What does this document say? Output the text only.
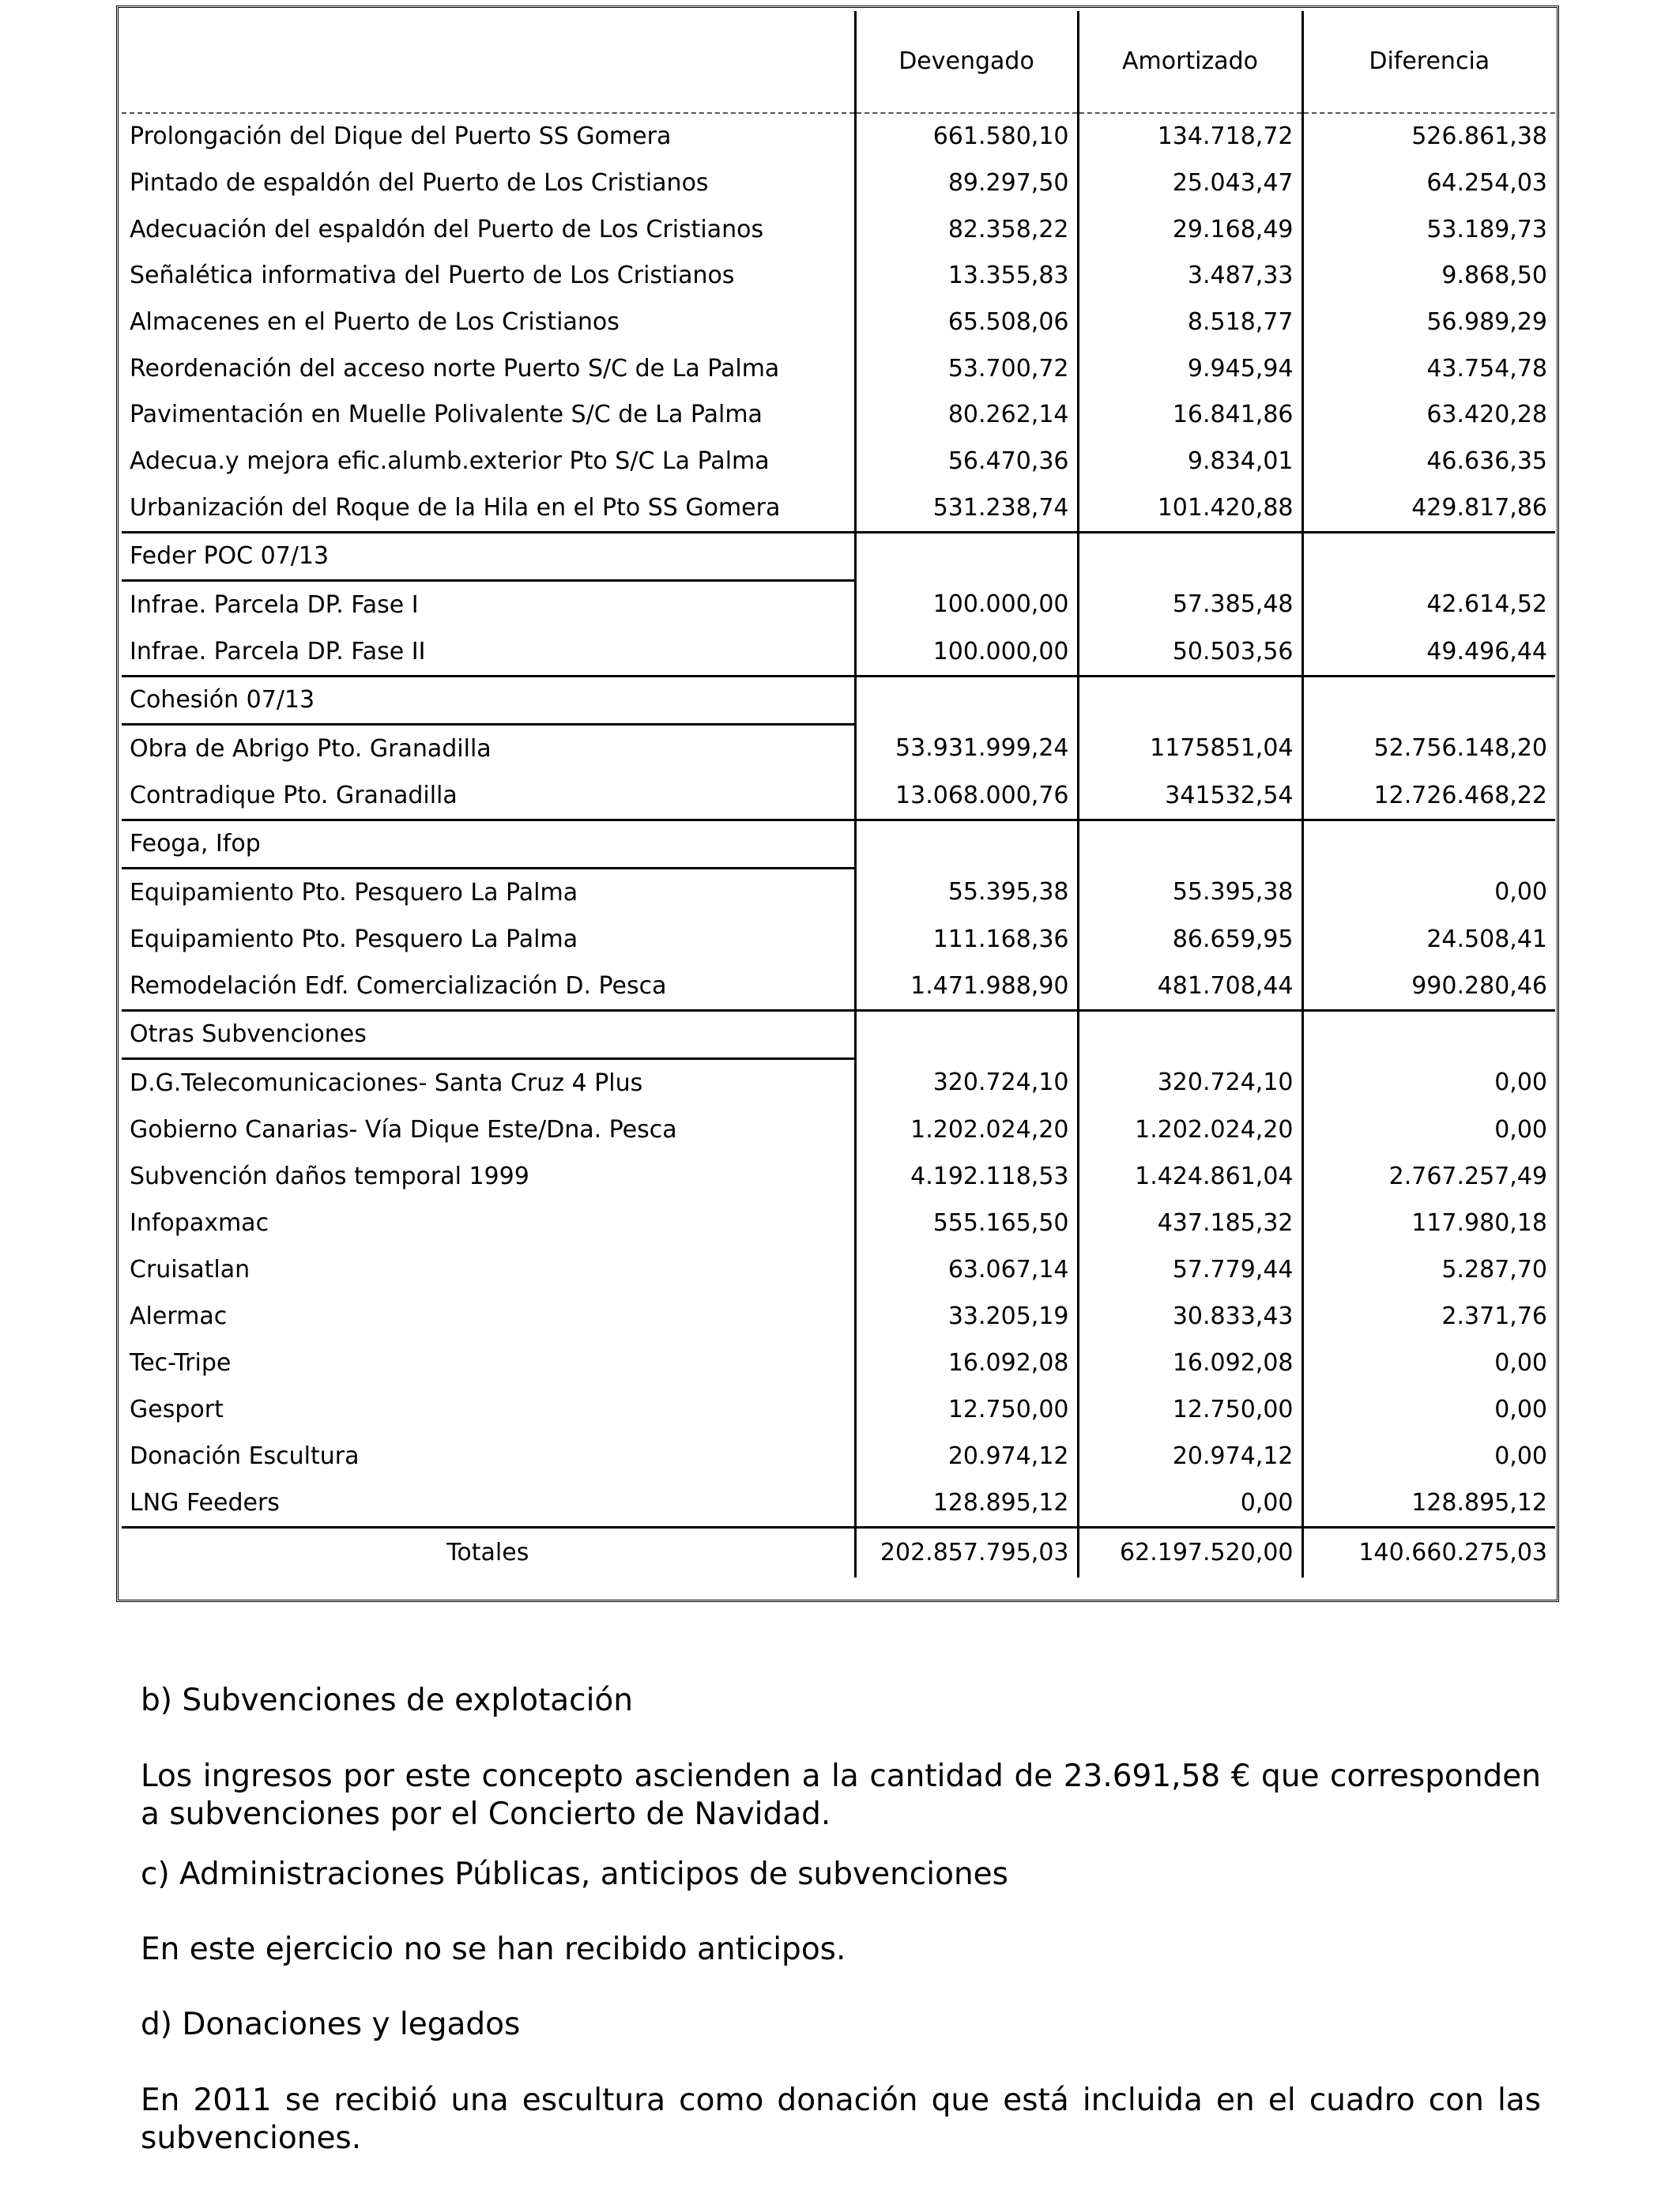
	Devengado	Amortizado	Diferencia
Prolongación del Dique del Puerto SS Gomera	661.580,10	134.718,72	526.861,38
Pintado de espaldón del Puerto de Los Cristianos	89.297,50	25.043,47	64.254,03
Adecuación del espaldón del Puerto de Los Cristianos	82.358,22	29.168,49	53.189,73
Señalética informativa del Puerto de Los Cristianos	13.355,83	3.487,33	9.868,50
Almacenes en el Puerto de Los Cristianos	65.508,06	8.518,77	56.989,29
Reordenación del acceso norte Puerto S/C de La Palma	53.700,72	9.945,94	43.754,78
Pavimentación en Muelle Polivalente S/C de La Palma	80.262,14	16.841,86	63.420,28
Adecua.y mejora efic.alumb.exterior Pto S/C La Palma	56.470,36	9.834,01	46.636,35
Urbanización del Roque de la Hila en el Pto SS Gomera	531.238,74	101.420,88	429.817,86
Feder POC 07/13			
Infrae. Parcela DP. Fase I	100.000,00	57.385,48	42.614,52
Infrae. Parcela DP. Fase II	100.000,00	50.503,56	49.496,44
Cohesión 07/13			
Obra de Abrigo Pto. Granadilla	53.931.999,24	1175851,04	52.756.148,20
Contradique Pto. Granadilla	13.068.000,76	341532,54	12.726.468,22
Feoga, Ifop			
Equipamiento Pto. Pesquero La Palma	55.395,38	55.395,38	0,00
Equipamiento Pto. Pesquero La Palma	111.168,36	86.659,95	24.508,41
Remodelación Edf. Comercialización D. Pesca	1.471.988,90	481.708,44	990.280,46
Otras Subvenciones			
D.G.Telecomunicaciones- Santa Cruz 4 Plus	320.724,10	320.724,10	0,00
Gobierno Canarias- Vía Dique Este/Dna. Pesca	1.202.024,20	1.202.024,20	0,00
Subvención daños temporal 1999	4.192.118,53	1.424.861,04	2.767.257,49
Infopaxmac	555.165,50	437.185,32	117.980,18
Cruisatlan	63.067,14	57.779,44	5.287,70
Alermac	33.205,19	30.833,43	2.371,76
Tec-Tripe	16.092,08	16.092,08	0,00
Gesport	12.750,00	12.750,00	0,00
Donación Escultura	20.974,12	20.974,12	0,00
LNG Feeders	128.895,12	0,00	128.895,12
Totales	202.857.795,03	62.197.520,00	140.660.275,03

b) Subvenciones de explotación

Los ingresos por este concepto ascienden a la cantidad de 23.691,58 € que corresponden a subvenciones por el Concierto de Navidad.

c) Administraciones Públicas, anticipos de subvenciones

En este ejercicio no se han recibido anticipos.

d) Donaciones y legados

En 2011 se recibió una escultura como donación que está incluida en el cuadro con las subvenciones.
